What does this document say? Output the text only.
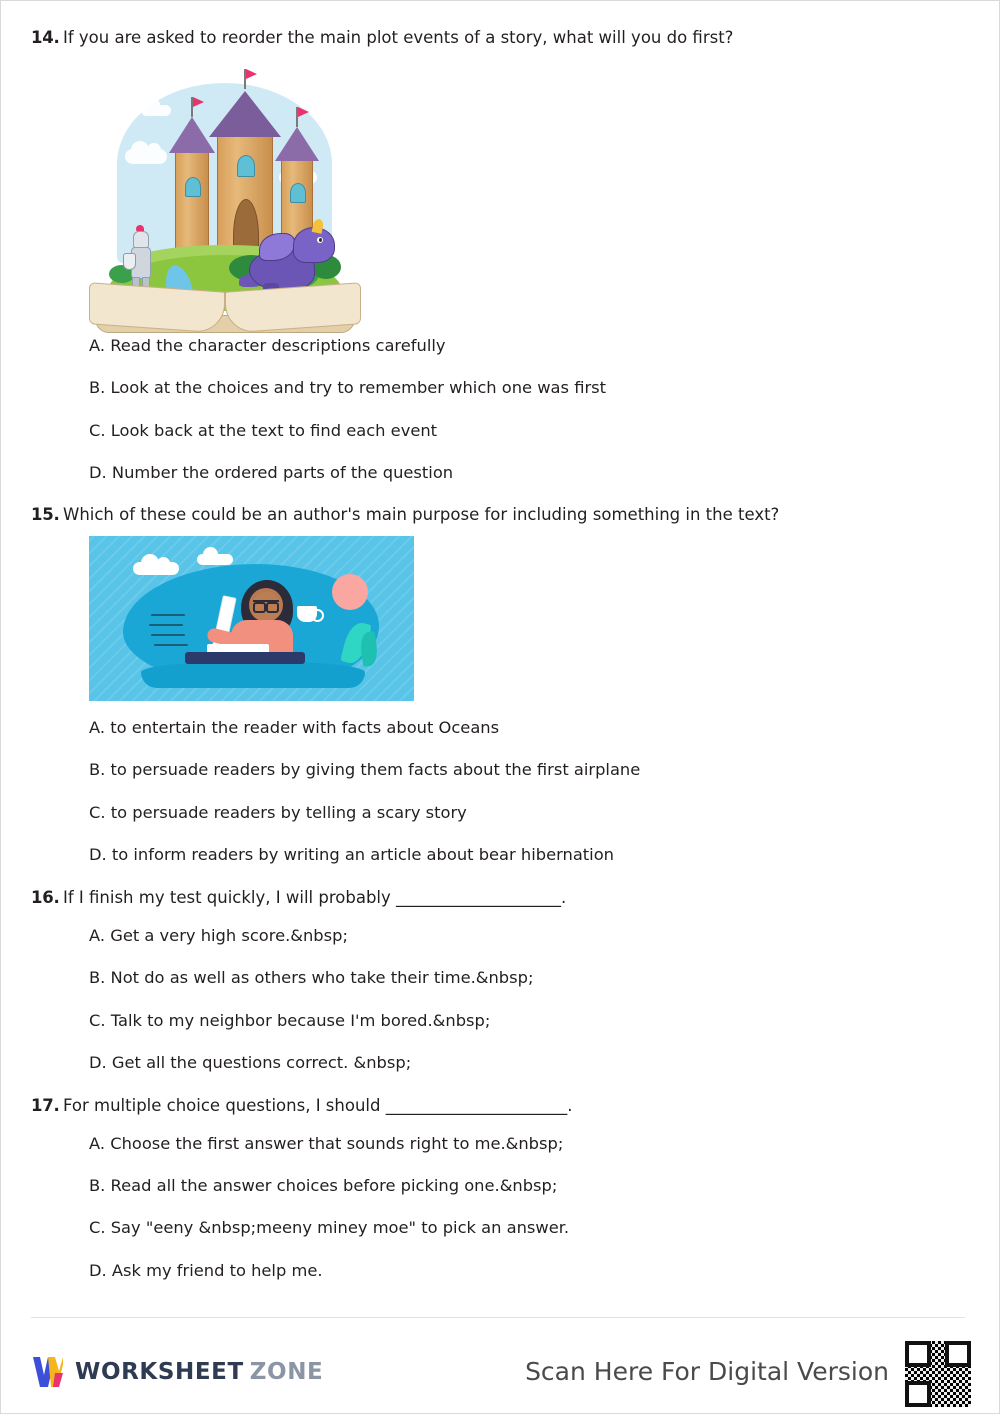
14. If you are asked to reorder the main plot events of a story, what will you do first?
A. Read the character descriptions carefully
B. Look at the choices and try to remember which one was first
C. Look back at the text to find each event
D. Number the ordered parts of the question
15. Which of these could be an author's main purpose for including something in the text?
A. to entertain the reader with facts about Oceans
B. to persuade readers by giving them facts about the first airplane
C. to persuade readers by telling a scary story
D. to inform readers by writing an article about bear hibernation
16. If I finish my test quickly, I will probably ____________________.
A. Get a very high score.&nbsp;
B. Not do as well as others who take their time.&nbsp;
C. Talk to my neighbor because I'm bored.&nbsp;
D. Get all the questions correct. &nbsp;
17. For multiple choice questions, I should ______________________.
A. Choose the first answer that sounds right to me.&nbsp;
B. Read all the answer choices before picking one.&nbsp;
C. Say "eeny &nbsp;meeny miney moe" to pick an answer.
D. Ask my friend to help me.
WORKSHEET ZONE	Scan Here For Digital Version
